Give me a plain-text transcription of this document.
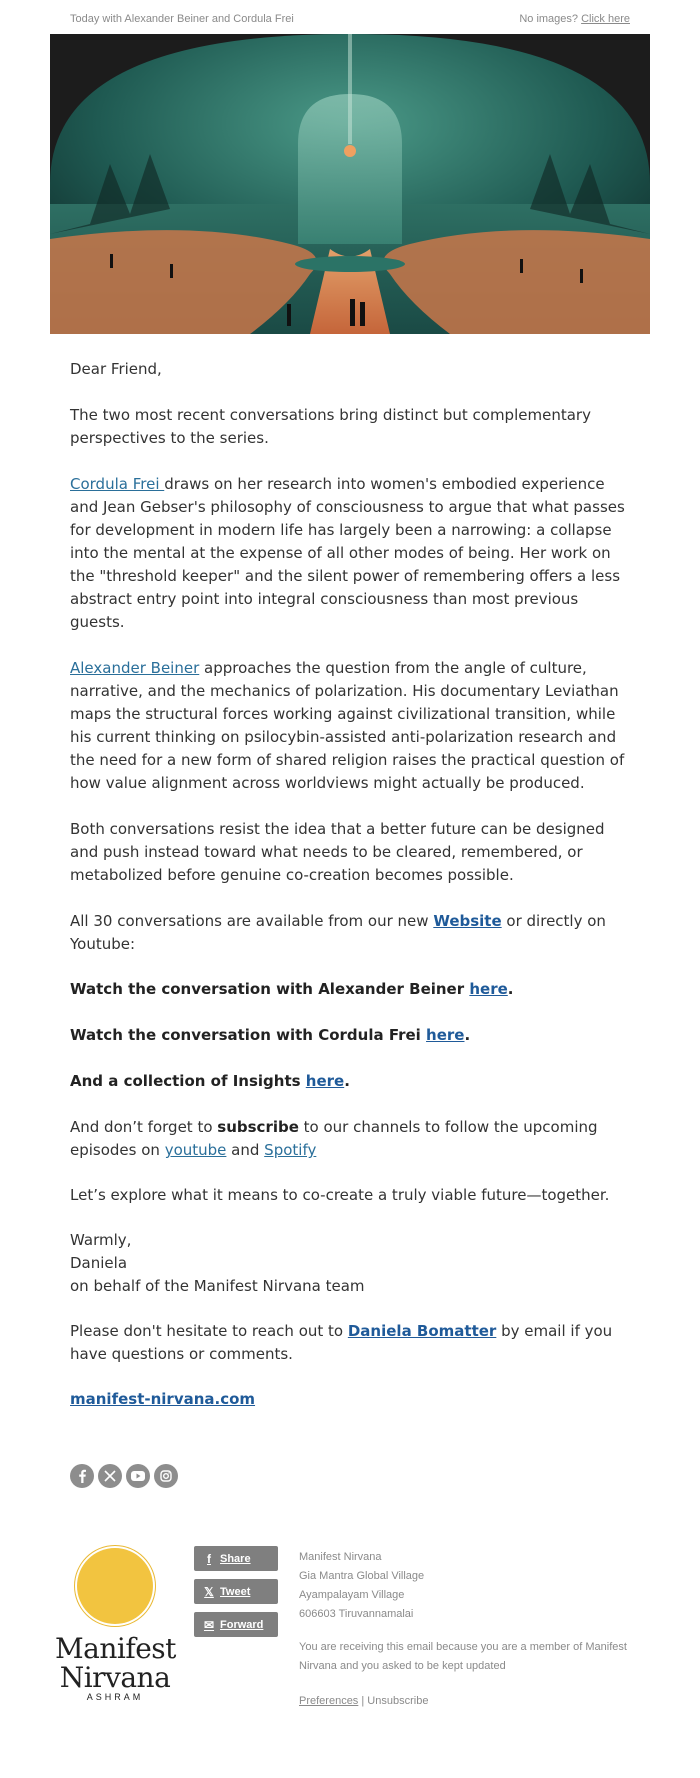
Today with Alexander Beiner and Cordula Frei	No images? Click here

Dear Friend,

The two most recent conversations bring distinct but complementary perspectives to the series.

Cordula Frei draws on her research into women's embodied experience and Jean Gebser's philosophy of consciousness to argue that what passes for development in modern life has largely been a narrowing: a collapse into the mental at the expense of all other modes of being. Her work on the "threshold keeper" and the silent power of remembering offers a less abstract entry point into integral consciousness than most previous guests.

Alexander Beiner approaches the question from the angle of culture, narrative, and the mechanics of polarization. His documentary Leviathan maps the structural forces working against civilizational transition, while his current thinking on psilocybin-assisted anti-polarization research and the need for a new form of shared religion raises the practical question of how value alignment across worldviews might actually be produced.

Both conversations resist the idea that a better future can be designed and push instead toward what needs to be cleared, remembered, or metabolized before genuine co-creation becomes possible.

All 30 conversations are available from our new Website or directly on Youtube:

Watch the conversation with Alexander Beiner here.

Watch the conversation with Cordula Frei here.

And a collection of Insights here.

And don’t forget to subscribe to our channels to follow the upcoming episodes on youtube and Spotify

Let’s explore what it means to co-create a truly viable future—together.

Warmly,
Daniela
on behalf of the Manifest Nirvana team

Please don't hesitate to reach out to Daniela Bomatter by email if you have questions or comments.

manifest-nirvana.com

Manifest
Nirvana
ASHRAM
f Share
𝕏 Tweet
✉ Forward
Manifest Nirvana
Gia Mantra Global Village
Ayampalayam Village
606603 Tiruvannamalai
You are receiving this email because you are a member of Manifest Nirvana and you asked to be kept updated
Preferences | Unsubscribe
